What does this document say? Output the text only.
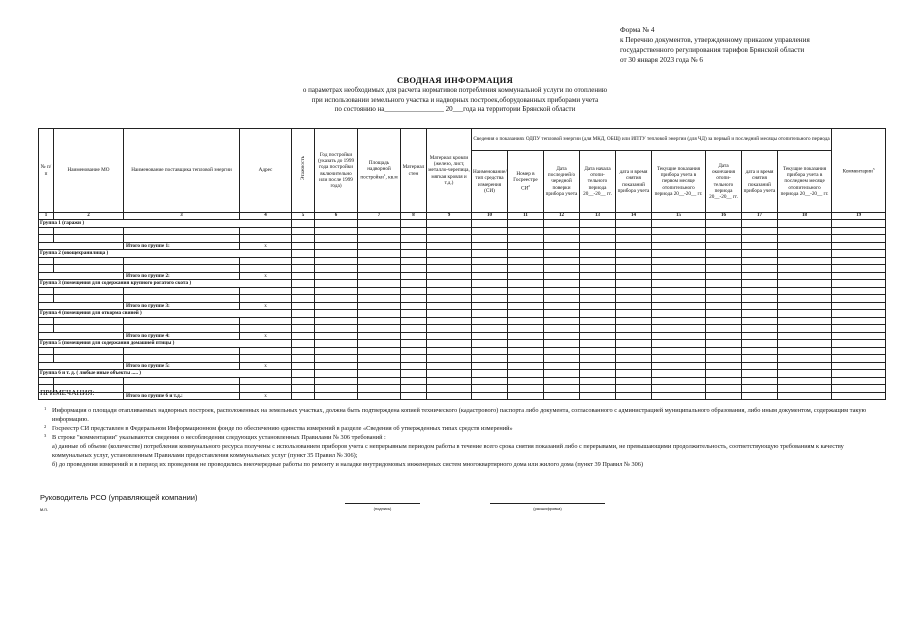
Форма № 4
к Перечню документов, утвержденному приказом управления
государственного регулирования тарифов Брянской области
от 30 января 2023 года № 6
СВОДНАЯ ИНФОРМАЦИЯ
о параметрах необходимых для расчета нормативов потребления коммунальной услуги по отоплению
при использовании земельного участка и надворных построек,оборудованных приборами учета
по состоянию на_________________ 20___года на территории Брянской области
№ п/п	Наименование МО	Наименование поставщика тепловой энергии	Адрес	Этажность	Год постройки (указать до 1999 года постройки включительно или после 1999 года)	Площадь надворной постройки$^1$, кв.м	Материал стен	Материал кровли (железо, лист, металло-черепица, мягкая кровля и т.д.)	Сведения о показаниях ОДПУ тепловой энергии (для МКД, ОБЩ) или ИПТУ тепловой энергии (для ЧД) за первый и последний месяцы отопительного периода									Комментарии$^3$
									Наименование/ тип средства измерения (СИ)	Номер в Госреестре $СИ^2$	Дата последней/о чередной поверки прибора учета	Дата начала отопи-тельного периода 20__-20__ гг.	дата и время снятия показаний прибора учета	Текущие показания прибора учета в первом месяце отопительного периода 20__-20__ гг.	Дата окончания отопи-тельного периода 20__-20__ гг.	дата и время снятия показаний прибора учета	Текущие показания прибора учета в последнем месяце отопительного периода 20__-20__ гг.	
1	2	3	4	5	6	7	8	9	10	11	12	13	14	15	16	17	18	19
Группа 1 (гаражи )																		

		Итого по группе 1:	х															
Группа 2 (овощехранилища )																		

		Итого по группе 2:	х															
Группа 3 (помещения для содержания крупного рогатого скота )																		

		Итого по группе 3:	х															
Группа 4 (помещения для откорма свиней )																		

		Итого по группе 4:	х															
Группа 5 (помещения для содержания домашней птицы )																		

		Итого по группе 5:	х															
Группа 6 и т. д. ( любые иные объекты ..... )																		

		Итого по группе 6 и т.д.:	х															
ПРИМЕЧАНИЯ:
1 Информация о площади отапливаемых надворных построек, расположенных на земельных участках, должна быть подтверждена копией технического (кадастрового) паспорта либо документа, согласованного с администрацией муниципального образования, либо иным документом, содержащим такую информацию.
2 Госреестр СИ представлен в Федеральном Информационном фонде по обеспечению единства измерений в разделе «Сведения об утвержденных типах средств измерений»
3 В строке "комментарии" указываются сведения о несоблюдении следующих установленных Правилами № 306 требований :
а) данные об объеме (количестве) потребления коммунального ресурса получены с использованием приборов учета с непрерывным периодом работы в течение всего срока снятия показаний либо с перерывами, не превышающими продолжительность, соответствующую требованиям к качеству коммунальных услуг, установленным Правилами предоставления коммунальных услуг (пункт 35 Правил № 306);
б) до проведения измерений и в период их проведения не проводились внеочередные работы по ремонту и наладке внутридомовых инженерных систем многоквартирного дома или жилого дома (пункт 39 Правил № 306)
Руководитель РСО (управляющей компании)
м.п.	(подпись)	(расшифровка)
